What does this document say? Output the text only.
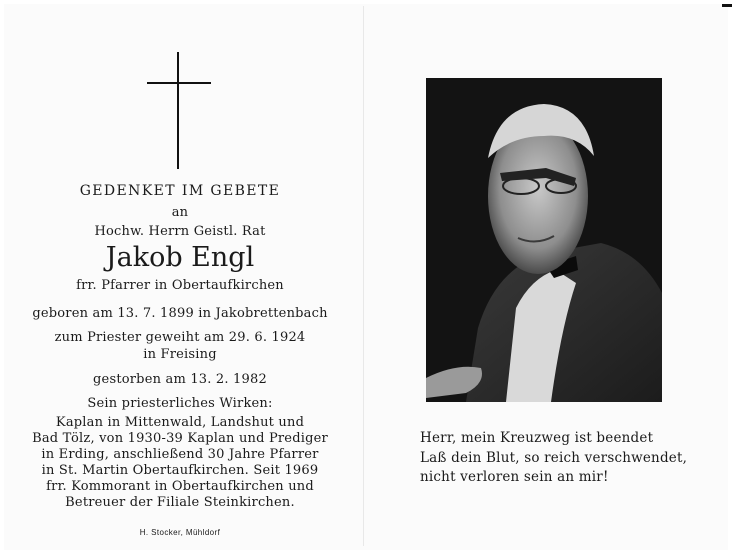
GEDENKET IM GEBETE
an
Hochw. Herrn Geistl. Rat
Jakob Engl
frr. Pfarrer in Obertaufkirchen
geboren am 13. 7. 1899 in Jakobrettenbach
zum Priester geweiht am 29. 6. 1924
in Freising
gestorben am 13. 2. 1982
Sein priesterliches Wirken:
Kaplan in Mittenwald, Landshut und
Bad Tölz, von 1930-39 Kaplan und Prediger
in Erding, anschließend 30 Jahre Pfarrer
in St. Martin Obertaufkirchen. Seit 1969
frr. Kommorant in Obertaufkirchen und
Betreuer der Filiale Steinkirchen.
H. Stocker, Mühldorf
Herr, mein Kreuzweg ist beendet
Laß dein Blut, so reich verschwendet,
nicht verloren sein an mir!
